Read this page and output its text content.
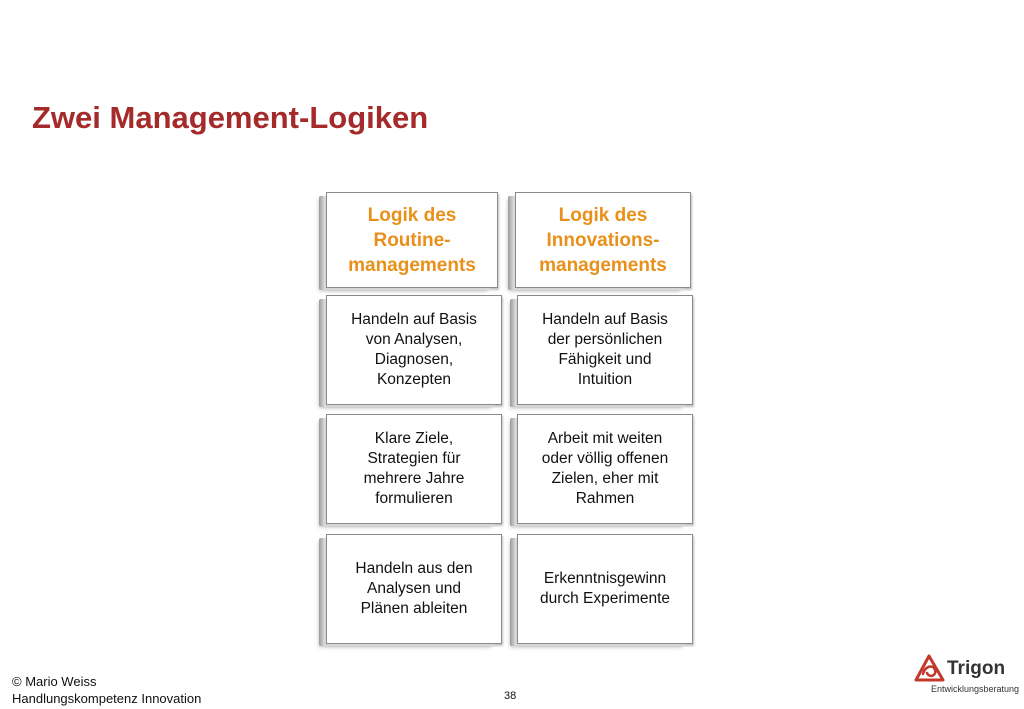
Zwei Management-Logiken
Logik des Routine-managements
Handeln auf Basis von Analysen, Diagnosen, Konzepten
Klare Ziele, Strategien für mehrere Jahre formulieren
Handeln aus den Analysen und Plänen ableiten
Logik des Innovations-managements
Handeln auf Basis der persönlichen Fähigkeit und Intuition
Arbeit mit weiten oder völlig offenen Zielen, eher mit Rahmen
Erkenntnisgewinn durch Experimente
© Mario Weiss
Handlungskompetenz Innovation	38
Trigon
Entwicklungsberatung
